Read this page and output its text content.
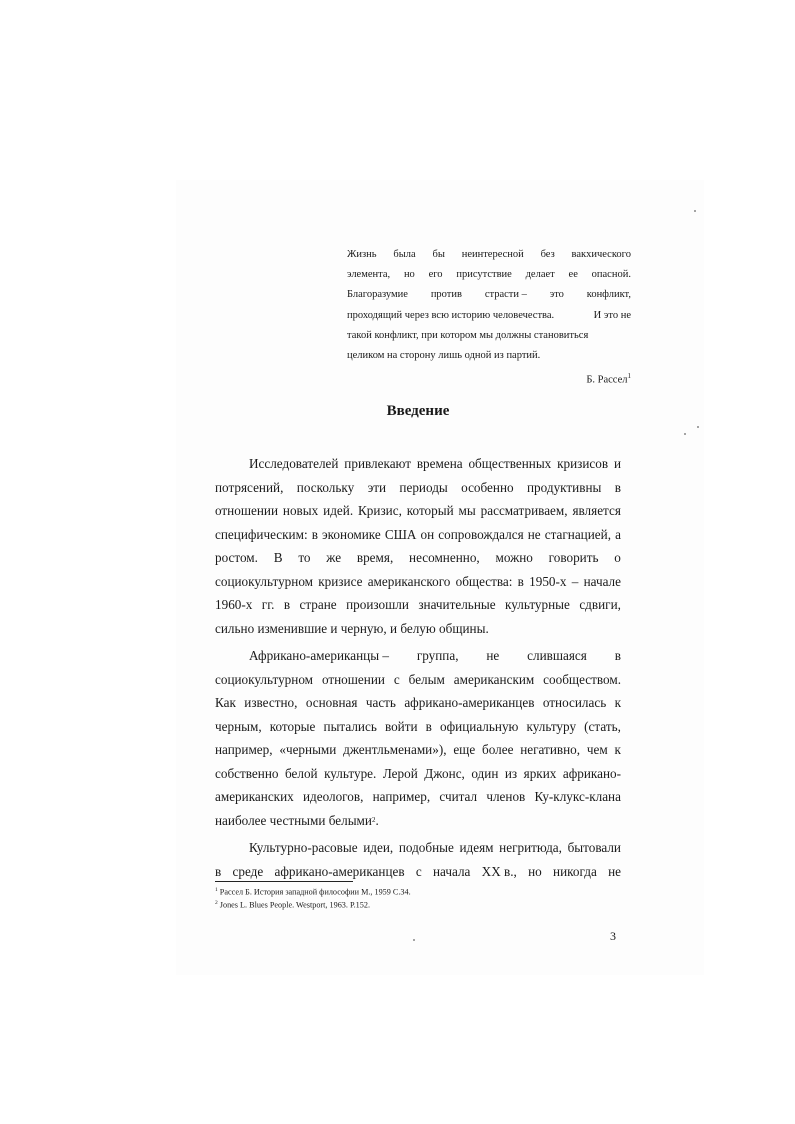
Жизнь была бы неинтересной без вакхического
элемента, но его присутствие делает ее опасной.
Благоразумие против страсти – это конфликт,
проходящий через всю историю человечества.	И это не
такой конфликт, при котором мы должны становиться
целиком на сторону лишь одной из партий.
Б. Рассел$^1$
Введение
Исследователей привлекают времена общественных кризисов и
потрясений, поскольку эти периоды особенно продуктивны в
отношении новых идей. Кризис, который мы рассматриваем, является
специфическим: в экономике США он сопровождался не стагнацией, а
ростом. В то же время, несомненно, можно говорить о
социокультурном кризисе американского общества: в 1950-х – начале
1960-х гг. в стране произошли значительные культурные сдвиги,
сильно изменившие и черную, и белую общины.
Африкано-американцы – группа, не слившаяся в
социокультурном отношении с белым американским сообществом.
Как известно, основная часть африкано-американцев относилась к
черным, которые пытались войти в официальную культуру (стать,
например, «черными джентльменами»), еще более негативно, чем к
собственно белой культуре. Лерой Джонс, один из ярких африкано-
американских идеологов, например, считал членов Ку-клукс-клана
наиболее честными белыми 2 .
Культурно-расовые идеи, подобные идеям негритюда, бытовали
в среде африкано-американцев с начала XX в., но никогда не
$^1$ Рассел Б. История западной философии М., 1959 С.34.
$^2$ Jones L. Blues People. Westport, 1963. P.152.
3
